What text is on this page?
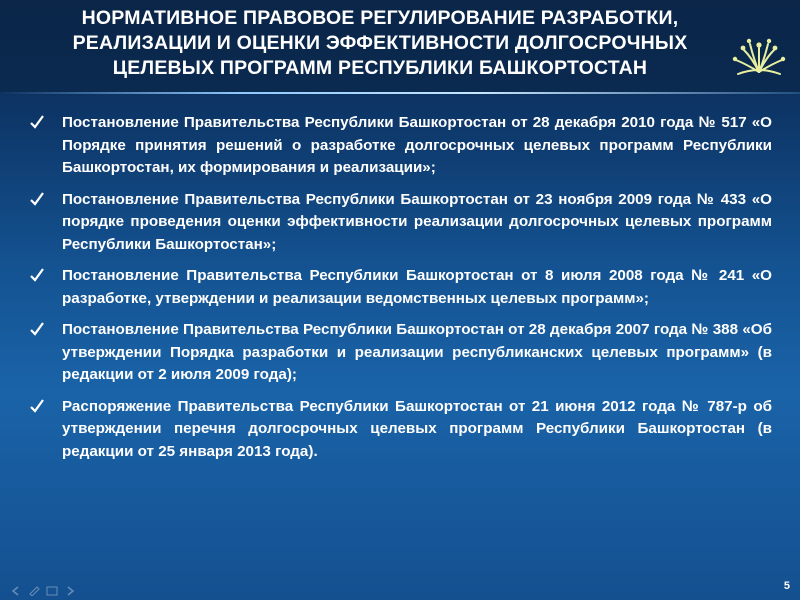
НОРМАТИВНОЕ ПРАВОВОЕ РЕГУЛИРОВАНИЕ РАЗРАБОТКИ, РЕАЛИЗАЦИИ И ОЦЕНКИ ЭФФЕКТИВНОСТИ ДОЛГОСРОЧНЫХ ЦЕЛЕВЫХ ПРОГРАММ РЕСПУБЛИКИ БАШКОРТОСТАН
Постановление Правительства Республики Башкортостан от 28 декабря 2010 года № 517 «О Порядке принятия решений о разработке долгосрочных целевых программ Республики Башкортостан, их формирования и реализации»;
Постановление Правительства Республики Башкортостан от 23 ноября 2009 года № 433 «О порядке проведения оценки эффективности реализации долгосрочных целевых программ Республики Башкортостан»;
Постановление Правительства Республики Башкортостан от 8 июля 2008 года № 241 «О разработке, утверждении и реализации ведомственных целевых программ»;
Постановление Правительства Республики Башкортостан от 28 декабря 2007 года № 388 «Об утверждении Порядка разработки и реализации республиканских целевых программ» (в редакции от 2 июля 2009 года);
Распоряжение Правительства Республики Башкортостан от 21 июня 2012 года № 787-р об утверждении перечня долгосрочных целевых программ Республики Башкортостан (в редакции от 25 января 2013 года).
5
